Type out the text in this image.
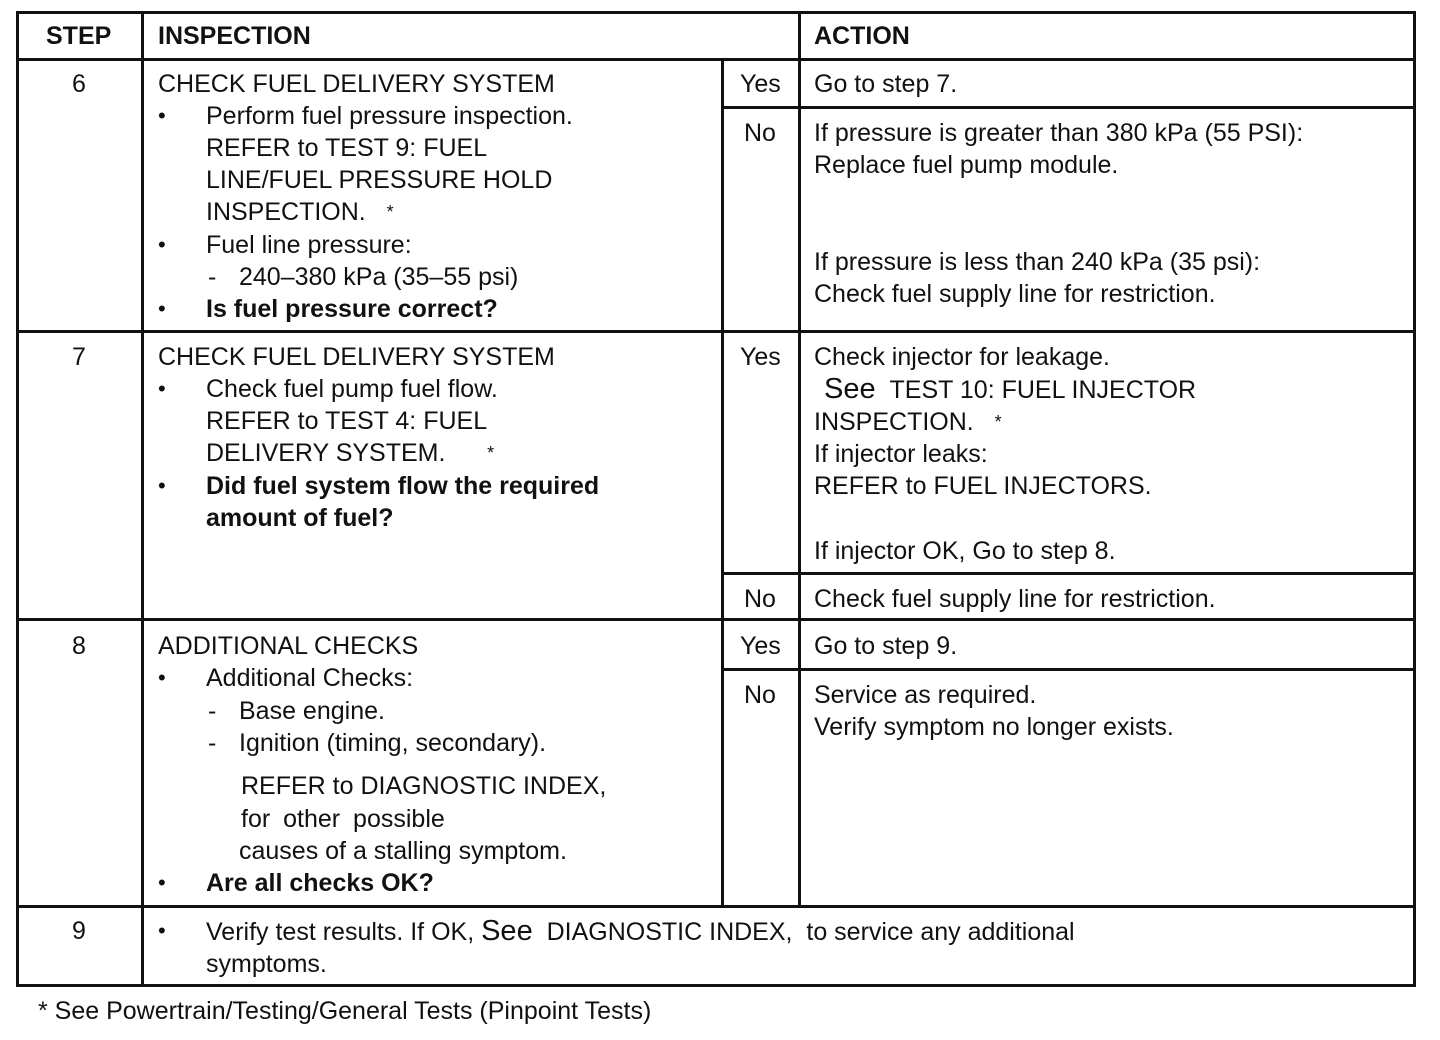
STEP INSPECTION	ACTION
6	CHECK FUEL DELIVERY SYSTEM
• Perform fuel pressure inspection.
REFER to TEST 9: FUEL
LINE/FUEL PRESSURE HOLD
INSPECTION. *
• Fuel line pressure:
- 240–380 kPa (35–55 psi)
• Is fuel pressure correct?
Yes Go to step 7.
No If pressure is greater than 380 kPa (55 PSI):
Replace fuel pump module.
If pressure is less than 240 kPa (35 psi):
Check fuel supply line for restriction.
7	CHECK FUEL DELIVERY SYSTEM
• Check fuel pump fuel flow.
REFER to TEST 4: FUEL
DELIVERY SYSTEM. *
• Did fuel system flow the required
amount of fuel?
Yes Check injector for leakage.
See TEST 10: FUEL INJECTOR
INSPECTION. *
If injector leaks:
REFER to FUEL INJECTORS.
If injector OK, Go to step 8.
No Check fuel supply line for restriction.
8	ADDITIONAL CHECKS
• Additional Checks:
- Base engine.
- Ignition (timing, secondary).
REFER to DIAGNOSTIC INDEX,
for other possible
causes of a stalling symptom.
• Are all checks OK?
Yes Go to step 9.
No Service as required.
Verify symptom no longer exists.
9	• Verify test results. If OK, See DIAGNOSTIC INDEX, to service any additional
symptoms.
* See Powertrain/Testing/General Tests (Pinpoint Tests)
